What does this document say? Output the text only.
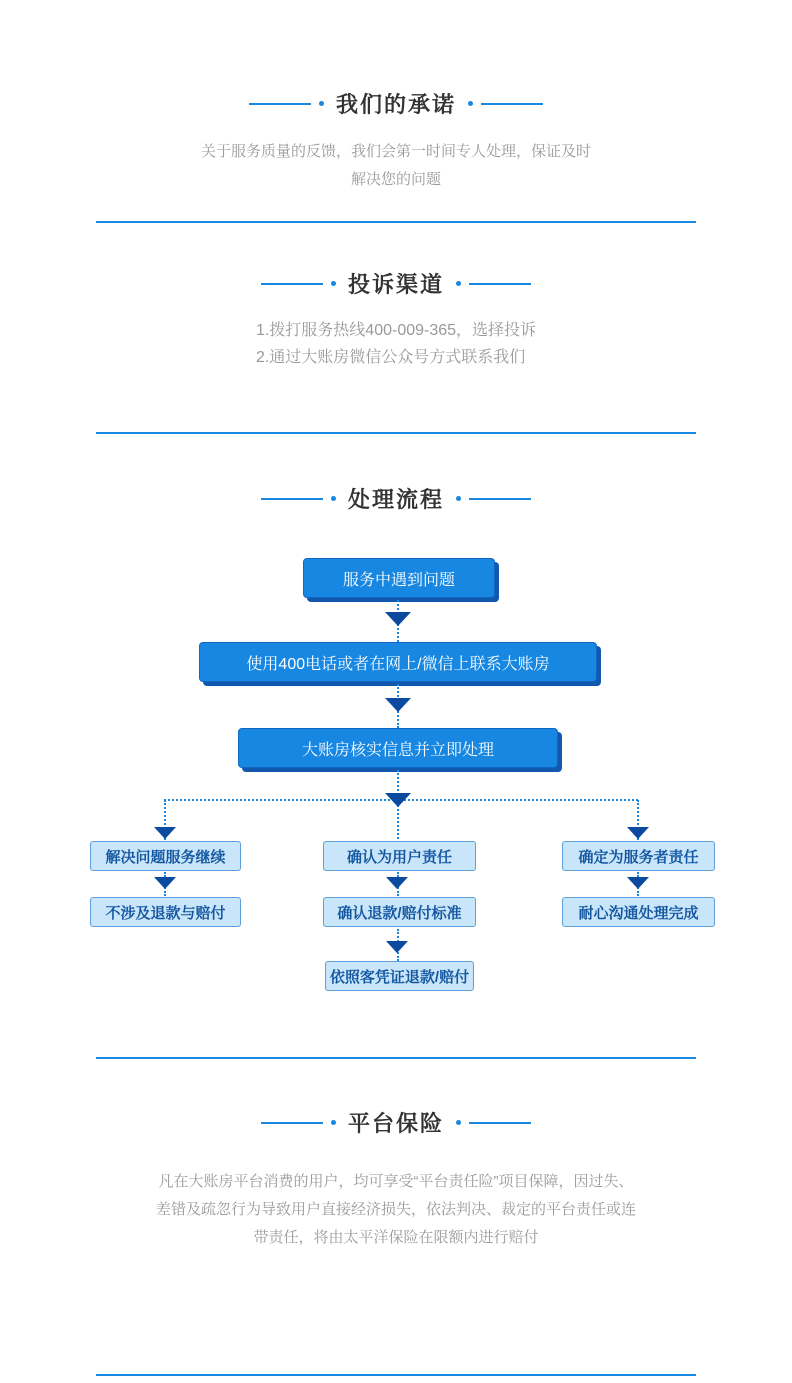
我们的承诺

关于服务质量的反馈，我们会第一时间专人处理，保证及时解决您的问题

投诉渠道
1.拨打服务热线400-009-365，选择投诉
2.通过大账房微信公众号方式联系我们
处理流程
服务中遇到问题
使用400电话或者在网上/微信上联系大账房
大账房核实信息并立即处理
解决问题服务继续	确认为用户责任	确定为服务者责任
不涉及退款与赔付	确认退款/赔付标准	耐心沟通处理完成
依照客凭证退款/赔付
平台保险

凡在大账房平台消费的用户，均可享受“平台责任险”项目保障，因过失、差错及疏忽行为导致用户直接经济损失，依法判决、裁定的平台责任或连带责任，将由太平洋保险在限额内进行赔付
